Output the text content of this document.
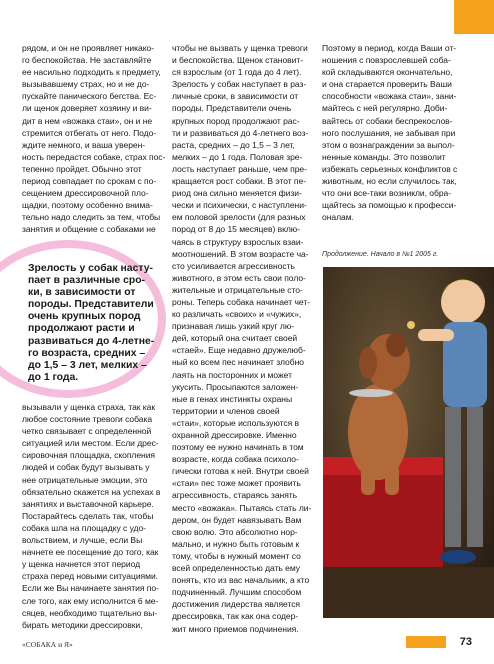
рядом, и он не проявляет никако-
го беспокойства. Не заставляйте
ее насильно подходить к предмету,
вызывавшему страх, но и не до-
пускайте панического бегства. Ес-
ли щенок доверяет хозяину и ви-
дит в нем «вожака стаи», он и не
стремится отбегать от него. Подо-
ждите немного, и ваша уверен-
ность передастся собаке, страх пос-
тепенно пройдет. Обычно этот
период совпадает по срокам с по-
сещением дрессировочной пло-
щадки, поэтому особенно внима-
тельно надо следить за тем, чтобы
занятия и общение с собаками не
Зрелость у собак насту-
пает в различные сро-
ки, в зависимости от
породы. Представители
очень крупных пород
продолжают расти и
развиваться до 4-летне-
го возраста, средних –
до 1,5 – 3 лет, мелких –
до 1 года.
вызывали у щенка страха, так как
любое состояние тревоги собака
четко связывает с определенной
ситуацией или местом. Если дрес-
сировочная площадка, скопления
людей и собак будут вызывать у
нее отрицательные эмоции, это
обязательно скажется на успехах в
занятиях и выставочной карьере.
Постарайтесь сделать так, чтобы
собака шла на площадку с удо-
вольствием, и лучше, если Вы
начнете ее посещение до того, как
у щенка начнется этот период
страха перед новыми ситуациями.
Если же Вы начинаете занятия по-
сле того, как ему исполнится 6 ме-
сяцев, необходимо тщательно вы-
бирать методики дрессировки,
чтобы не вызвать у щенка тревоги
и беспокойства. Щенок становит-
ся взрослым (от 1 года до 4 лет).
Зрелость у собак наступает в раз-
личные сроки, в зависимости от
породы. Представители очень
крупных пород продолжают рас-
ти и развиваться до 4-летнего воз-
раста, средних – до 1,5 – 3 лет,
мелких – до 1 года. Половая зре-
лость наступает раньше, чем пре-
кращается рост собаки. В этот пе-
риод она сильно меняется физи-
чески и психически, с наступлени-
ем половой зрелости (для разных
пород от 8 до 15 месяцев) вклю-
чаясь в структуру взрослых взаи-
моотношений. В этом возрасте ча-
сто усиливается агрессивность
животного, в этом есть свои поло-
жительные и отрицательные сто-
роны. Теперь собака начинает чет-
ко различать «своих» и «чужих»,
признавая лишь узкий круг лю-
дей, который она считает своей
«стаей». Еще недавно дружелюб-
ный ко всем пес начинает злобно
лаять на посторонних и может
укусить. Просыпаются заложен-
ные в генах инстинкты охраны
территории и членов своей
«стаи», которые используются в
охранной дрессировке. Именно
поэтому ее нужно начинать в том
возрасте, когда собака психоло-
гически готова к ней. Внутри своей
«стаи» пес тоже может проявить
агрессивность, стараясь занять
место «вожака». Пытаясь стать ли-
дером, он будет навязывать Вам
свою волю. Это абсолютно нор-
мально, и нужно быть готовым к
тому, чтобы в нужный момент со
всей определенностью дать ему
понять, кто из вас начальник, а кто
подчиненный. Лучшим способом
достижения лидерства является
дрессировка, так как она содер-
жит много приемов подчинения.
Поэтому в период, когда Ваши от-
ношения с повзрослевшей соба-
кой складываются окончательно,
и она старается проверить Ваши
способности «вожака стаи», зани-
майтесь с ней регулярно. Доби-
вайтесь от собаки беспрекослов-
ного послушания, не забывая при
этом о вознаграждении за выпол-
ненные команды. Это позволит
избежать серьезных конфликтов с
животным, но если случилось так,
что они все-таки возникли, обра-
щайтесь за помощью к професси-
оналам.
Продолжение. Начало в №1 2005 г.
«СОБАКА и Я»	73
